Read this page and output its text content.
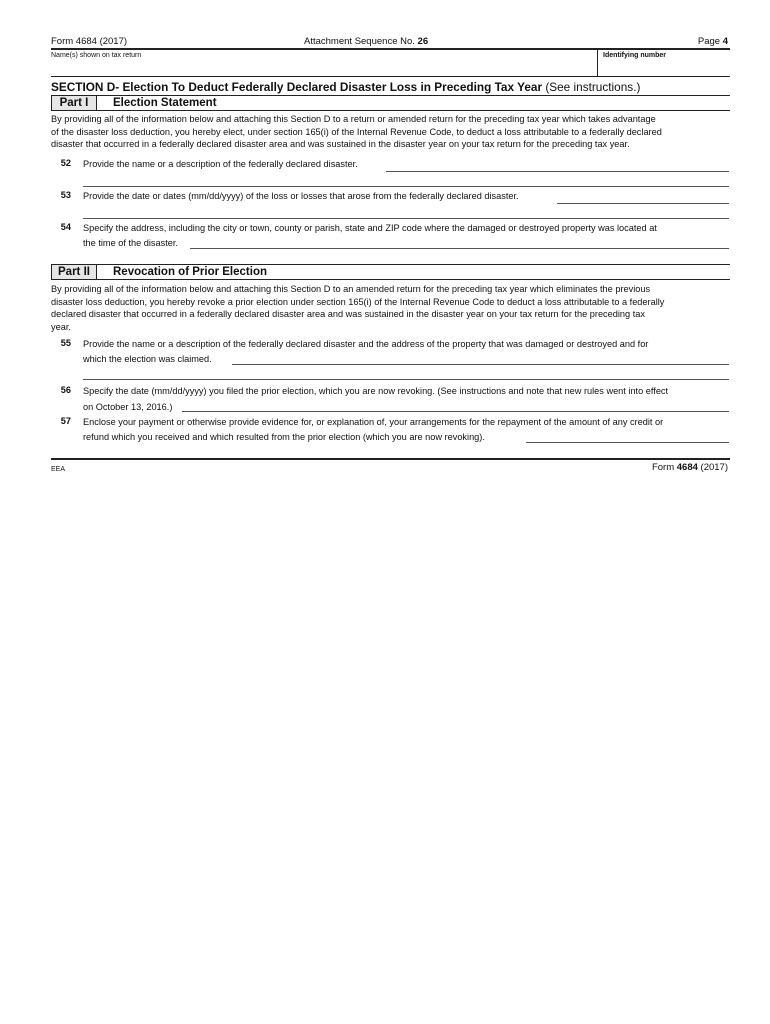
Form 4684 (2017)	Attachment Sequence No. 26	Page 4
Name(s) shown on tax return	Identifying number
SECTION D- Election To Deduct Federally Declared Disaster Loss in Preceding Tax Year (See instructions.)
Part I	Election Statement
By providing all of the information below and attaching this Section D to a return or amended return for the preceding tax year which takes advantage
of the disaster loss deduction, you hereby elect, under section 165(i) of the Internal Revenue Code, to deduct a loss attributable to a federally declared
disaster that occurred in a federally declared disaster area and was sustained in the disaster year on your tax return for the preceding tax year.
52 Provide the name or a description of the federally declared disaster.
53 Provide the date or dates (mm/dd/yyyy) of the loss or losses that arose from the federally declared disaster.
54 Specify the address, including the city or town, county or parish, state and ZIP code where the damaged or destroyed property was located at
the time of the disaster.
Part II	Revocation of Prior Election
By providing all of the information below and attaching this Section D to an amended return for the preceding tax year which eliminates the previous
disaster loss deduction, you hereby revoke a prior election under section 165(i) of the Internal Revenue Code to deduct a loss attributable to a federally
declared disaster that occurred in a federally declared disaster area and was sustained in the disaster year on your tax return for the preceding tax
year.
55 Provide the name or a description of the federally declared disaster and the address of the property that was damaged or destroyed and for
which the election was claimed.
56 Specify the date (mm/dd/yyyy) you filed the prior election, which you are now revoking. (See instructions and note that new rules went into effect
on October 13, 2016.)
57 Enclose your payment or otherwise provide evidence for, or explanation of, your arrangements for the repayment of the amount of any credit or
refund which you received and which resulted from the prior election (which you are now revoking).
EEA	Form 4684 (2017)
